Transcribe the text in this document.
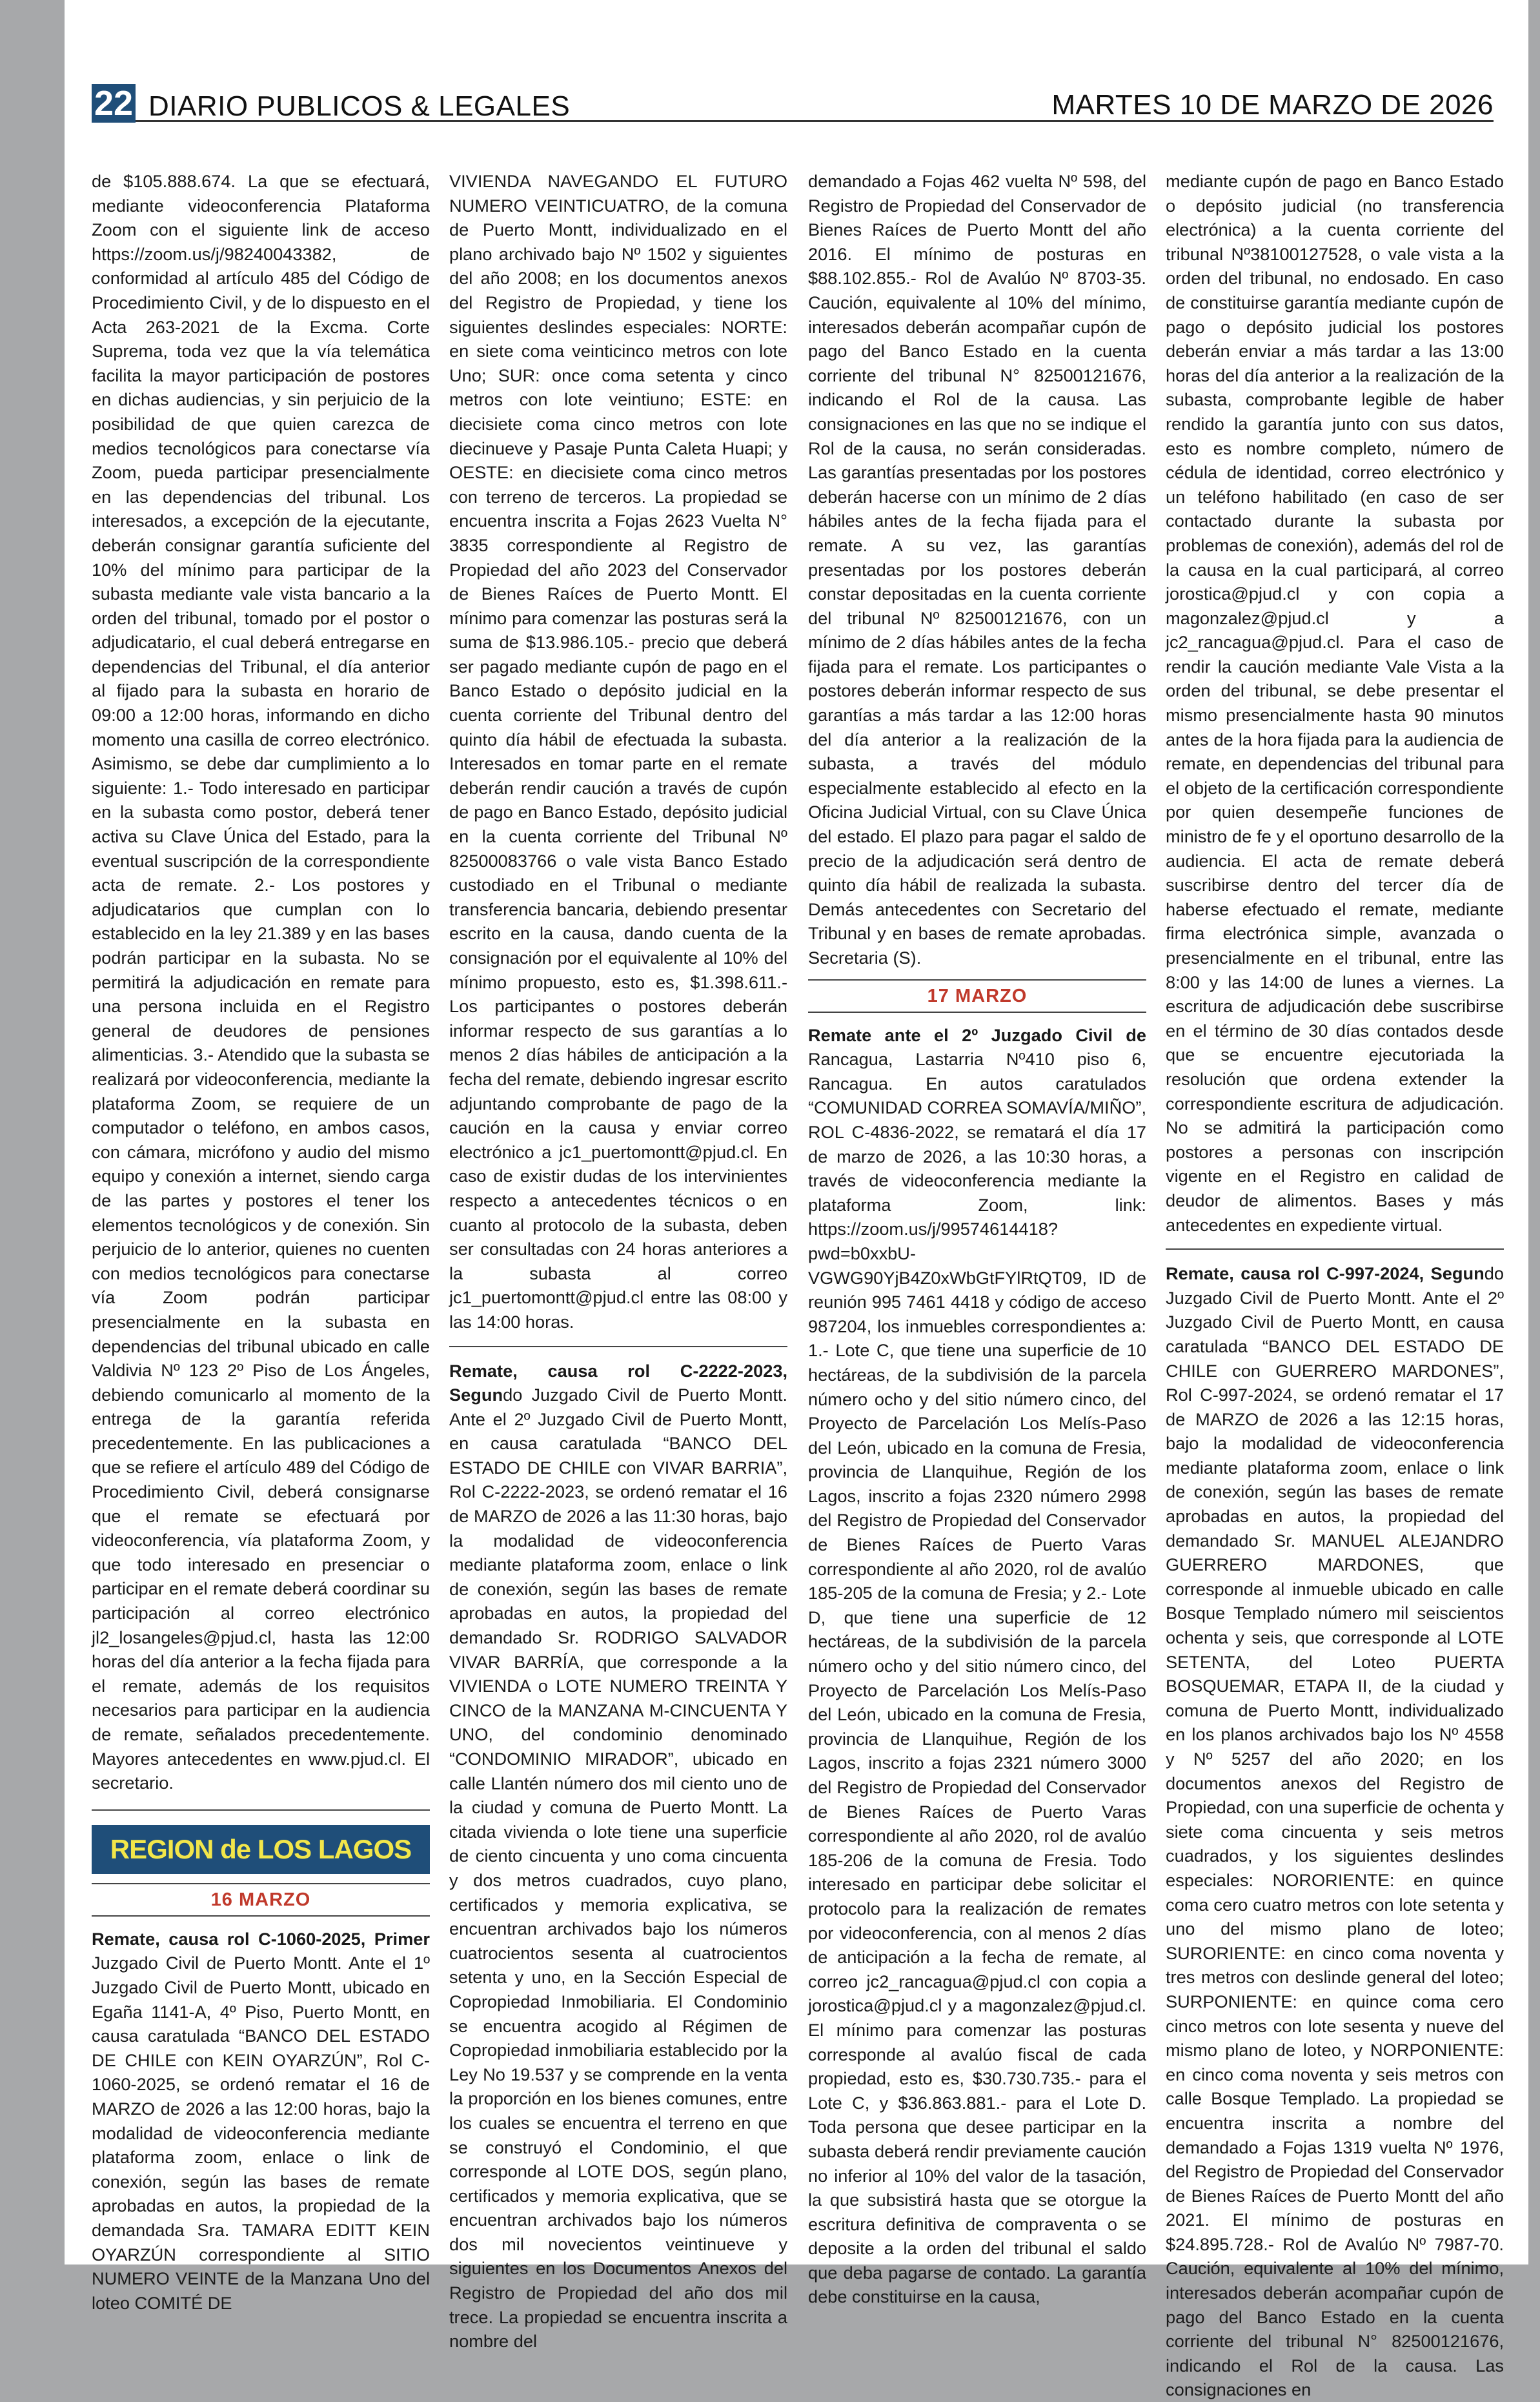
22 DIARIO PUBLICOS & LEGALES	MARTES 10 DE MARZO DE 2026

de $105.888.674. La que se efectuará, mediante videoconferencia Plataforma Zoom con el siguiente link de acceso https://zoom.us/j/98240043382, de conformidad al artículo 485 del Código de Procedimiento Civil, y de lo dispuesto en el Acta 263-2021 de la Excma. Corte Suprema, toda vez que la vía telemática facilita la mayor participación de postores en dichas audiencias, y sin perjuicio de la posibilidad de que quien carezca de medios tecnológicos para conectarse vía Zoom, pueda participar presencialmente en las dependencias del tribunal. Los interesados, a excepción de la ejecutante, deberán consignar garantía suficiente del 10% del mínimo para participar de la subasta mediante vale vista bancario a la orden del tribunal, tomado por el postor o adjudicatario, el cual deberá entregarse en dependencias del Tribunal, el día anterior al fijado para la subasta en horario de 09:00 a 12:00 horas, informando en dicho momento una casilla de correo electrónico. Asimismo, se debe dar cumplimiento a lo siguiente: 1.- Todo interesado en participar en la subasta como postor, deberá tener activa su Clave Única del Estado, para la eventual suscripción de la correspondiente acta de remate. 2.- Los postores y adjudicatarios que cumplan con lo establecido en la ley 21.389 y en las bases podrán participar en la subasta. No se permitirá la adjudicación en remate para una persona incluida en el Registro general de deudores de pensiones alimenticias. 3.- Atendido que la subasta se realizará por videoconferencia, mediante la plataforma Zoom, se requiere de un computador o teléfono, en ambos casos, con cámara, micrófono y audio del mismo equipo y conexión a internet, siendo carga de las partes y postores el tener los elementos tecnológicos y de conexión. Sin perjuicio de lo anterior, quienes no cuenten con medios tecnológicos para conectarse vía Zoom podrán participar presencialmente en la subasta en dependencias del tribunal ubicado en calle Valdivia Nº 123 2º Piso de Los Ángeles, debiendo comunicarlo al momento de la entrega de la garantía referida precedentemente. En las publicaciones a que se refiere el artículo 489 del Código de Procedimiento Civil, deberá consignarse que el remate se efectuará por videoconferencia, vía plataforma Zoom, y que todo interesado en presenciar o participar en el remate deberá coordinar su participación al correo electrónico jl2_losangeles@pjud.cl, hasta las 12:00 horas del día anterior a la fecha fijada para el remate, además de los requisitos necesarios para participar en la audiencia de remate, señalados precedentemente. Mayores antecedentes en www.pjud.cl. El secretario.

REGION de LOS LAGOS
16 MARZO

Remate, causa rol C-1060-2025, Primer Juzgado Civil de Puerto Montt. Ante el 1º Juzgado Civil de Puerto Montt, ubicado en Egaña 1141-A, 4º Piso, Puerto Montt, en causa caratulada “BANCO DEL ESTADO DE CHILE con KEIN OYARZÚN”, Rol C-1060-2025, se ordenó rematar el 16 de MARZO de 2026 a las 12:00 horas, bajo la modalidad de videoconferencia mediante plataforma zoom, enlace o link de conexión, según las bases de remate aprobadas en autos, la propiedad de la demandada Sra. TAMARA EDITT KEIN OYARZÚN correspondiente al SITIO NUMERO VEINTE de la Manzana Uno del loteo COMITÉ DE

VIVIENDA NAVEGANDO EL FUTURO NUMERO VEINTICUATRO, de la comuna de Puerto Montt, individualizado en el plano archivado bajo Nº 1502 y siguientes del año 2008; en los documentos anexos del Registro de Propiedad, y tiene los siguientes deslindes especiales: NORTE: en siete coma veinticinco metros con lote Uno; SUR: once coma setenta y cinco metros con lote veintiuno; ESTE: en diecisiete coma cinco metros con lote diecinueve y Pasaje Punta Caleta Huapi; y OESTE: en diecisiete coma cinco metros con terreno de terceros. La propiedad se encuentra inscrita a Fojas 2623 Vuelta N° 3835 correspondiente al Registro de Propiedad del año 2023 del Conservador de Bienes Raíces de Puerto Montt. El mínimo para comenzar las posturas será la suma de $13.986.105.- precio que deberá ser pagado mediante cupón de pago en el Banco Estado o depósito judicial en la cuenta corriente del Tribunal dentro del quinto día hábil de efectuada la subasta. Interesados en tomar parte en el remate deberán rendir caución a través de cupón de pago en Banco Estado, depósito judicial en la cuenta corriente del Tribunal Nº 82500083766 o vale vista Banco Estado custodiado en el Tribunal o mediante transferencia bancaria, debiendo presentar escrito en la causa, dando cuenta de la consignación por el equivalente al 10% del mínimo propuesto, esto es, $1.398.611.- Los participantes o postores deberán informar respecto de sus garantías a lo menos 2 días hábiles de anticipación a la fecha del remate, debiendo ingresar escrito adjuntando comprobante de pago de la caución en la causa y enviar correo electrónico a jc1_puertomontt@pjud.cl. En caso de existir dudas de los intervinientes respecto a antecedentes técnicos o en cuanto al protocolo de la subasta, deben ser consultadas con 24 horas anteriores a la subasta al correo jc1_puertomontt@pjud.cl entre las 08:00 y las 14:00 horas.

Remate, causa rol C-2222-2023, Segundo Juzgado Civil de Puerto Montt. Ante el 2º Juzgado Civil de Puerto Montt, en causa caratulada “BANCO DEL ESTADO DE CHILE con VIVAR BARRIA”, Rol C-2222-2023, se ordenó rematar el 16 de MARZO de 2026 a las 11:30 horas, bajo la modalidad de videoconferencia mediante plataforma zoom, enlace o link de conexión, según las bases de remate aprobadas en autos, la propiedad del demandado Sr. RODRIGO SALVADOR VIVAR BARRÍA, que corresponde a la VIVIENDA o LOTE NUMERO TREINTA Y CINCO de la MANZANA M-CINCUENTA Y UNO, del condominio denominado “CONDOMINIO MIRADOR”, ubicado en calle Llantén número dos mil ciento uno de la ciudad y comuna de Puerto Montt. La citada vivienda o lote tiene una superficie de ciento cincuenta y uno coma cincuenta y dos metros cuadrados, cuyo plano, certificados y memoria explicativa, se encuentran archivados bajo los números cuatrocientos sesenta al cuatrocientos setenta y uno, en la Sección Especial de Copropiedad Inmobiliaria. El Condominio se encuentra acogido al Régimen de Copropiedad inmobiliaria establecido por la Ley No 19.537 y se comprende en la venta la proporción en los bienes comunes, entre los cuales se encuentra el terreno en que se construyó el Condominio, el que corresponde al LOTE DOS, según plano, certificados y memoria explicativa, que se encuentran archivados bajo los números dos mil novecientos veintinueve y siguientes en los Documentos Anexos del Registro de Propiedad del año dos mil trece. La propiedad se encuentra inscrita a nombre del

demandado a Fojas 462 vuelta Nº 598, del Registro de Propiedad del Conservador de Bienes Raíces de Puerto Montt del año 2016. El mínimo de posturas en $88.102.855.- Rol de Avalúo Nº 8703-35. Caución, equivalente al 10% del mínimo, interesados deberán acompañar cupón de pago del Banco Estado en la cuenta corriente del tribunal N° 82500121676, indicando el Rol de la causa. Las consignaciones en las que no se indique el Rol de la causa, no serán consideradas. Las garantías presentadas por los postores deberán hacerse con un mínimo de 2 días hábiles antes de la fecha fijada para el remate. A su vez, las garantías presentadas por los postores deberán constar depositadas en la cuenta corriente del tribunal Nº 82500121676, con un mínimo de 2 días hábiles antes de la fecha fijada para el remate. Los participantes o postores deberán informar respecto de sus garantías a más tardar a las 12:00 horas del día anterior a la realización de la subasta, a través del módulo especialmente establecido al efecto en la Oficina Judicial Virtual, con su Clave Única del estado. El plazo para pagar el saldo de precio de la adjudicación será dentro de quinto día hábil de realizada la subasta. Demás antecedentes con Secretario del Tribunal y en bases de remate aprobadas. Secretaria (S).

17 MARZO

Remate ante el 2º Juzgado Civil de Rancagua, Lastarria Nº410 piso 6, Rancagua. En autos caratulados “COMUNIDAD CORREA SOMAVÍA/MIÑO”, ROL C-4836-2022, se rematará el día 17 de marzo de 2026, a las 10:30 horas, a través de videoconferencia mediante la plataforma Zoom, link: https://zoom.us/j/99574614418?pwd=b0xxbU-VGWG90YjB4Z0xWbGtFYlRtQT09, ID de reunión 995 7461 4418 y código de acceso 987204, los inmuebles correspondientes a: 1.- Lote C, que tiene una superficie de 10 hectáreas, de la subdivisión de la parcela número ocho y del sitio número cinco, del Proyecto de Parcelación Los Melís-Paso del León, ubicado en la comuna de Fresia, provincia de Llanquihue, Región de los Lagos, inscrito a fojas 2320 número 2998 del Registro de Propiedad del Conservador de Bienes Raíces de Puerto Varas correspondiente al año 2020, rol de avalúo 185-205 de la comuna de Fresia; y 2.- Lote D, que tiene una superficie de 12 hectáreas, de la subdivisión de la parcela número ocho y del sitio número cinco, del Proyecto de Parcelación Los Melís-Paso del León, ubicado en la comuna de Fresia, provincia de Llanquihue, Región de los Lagos, inscrito a fojas 2321 número 3000 del Registro de Propiedad del Conservador de Bienes Raíces de Puerto Varas correspondiente al año 2020, rol de avalúo 185-206 de la comuna de Fresia. Todo interesado en participar debe solicitar el protocolo para la realización de remates por videoconferencia, con al menos 2 días de anticipación a la fecha de remate, al correo jc2_rancagua@pjud.cl con copia a jorostica@pjud.cl y a magonzalez@pjud.cl. El mínimo para comenzar las posturas corresponde al avalúo fiscal de cada propiedad, esto es, $30.730.735.- para el Lote C, y $36.863.881.- para el Lote D. Toda persona que desee participar en la subasta deberá rendir previamente caución no inferior al 10% del valor de la tasación, la que subsistirá hasta que se otorgue la escritura definitiva de compraventa o se deposite a la orden del tribunal el saldo que deba pagarse de contado. La garantía debe constituirse en la causa,

mediante cupón de pago en Banco Estado o depósito judicial (no transferencia electrónica) a la cuenta corriente del tribunal Nº38100127528, o vale vista a la orden del tribunal, no endosado. En caso de constituirse garantía mediante cupón de pago o depósito judicial los postores deberán enviar a más tardar a las 13:00 horas del día anterior a la realización de la subasta, comprobante legible de haber rendido la garantía junto con sus datos, esto es nombre completo, número de cédula de identidad, correo electrónico y un teléfono habilitado (en caso de ser contactado durante la subasta por problemas de conexión), además del rol de la causa en la cual participará, al correo jorostica@pjud.cl y con copia a magonzalez@pjud.cl y a jc2_rancagua@pjud.cl. Para el caso de rendir la caución mediante Vale Vista a la orden del tribunal, se debe presentar el mismo presencialmente hasta 90 minutos antes de la hora fijada para la audiencia de remate, en dependencias del tribunal para el objeto de la certificación correspondiente por quien desempeñe funciones de ministro de fe y el oportuno desarrollo de la audiencia. El acta de remate deberá suscribirse dentro del tercer día de haberse efectuado el remate, mediante firma electrónica simple, avanzada o presencialmente en el tribunal, entre las 8:00 y las 14:00 de lunes a viernes. La escritura de adjudicación debe suscribirse en el término de 30 días contados desde que se encuentre ejecutoriada la resolución que ordena extender la correspondiente escritura de adjudicación. No se admitirá la participación como postores a personas con inscripción vigente en el Registro en calidad de deudor de alimentos. Bases y más antecedentes en expediente virtual.

Remate, causa rol C-997-2024, Segundo Juzgado Civil de Puerto Montt. Ante el 2º Juzgado Civil de Puerto Montt, en causa caratulada “BANCO DEL ESTADO DE CHILE con GUERRERO MARDONES”, Rol C-997-2024, se ordenó rematar el 17 de MARZO de 2026 a las 12:15 horas, bajo la modalidad de videoconferencia mediante plataforma zoom, enlace o link de conexión, según las bases de remate aprobadas en autos, la propiedad del demandado Sr. MANUEL ALEJANDRO GUERRERO MARDONES, que corresponde al inmueble ubicado en calle Bosque Templado número mil seiscientos ochenta y seis, que corresponde al LOTE SETENTA, del Loteo PUERTA BOSQUEMAR, ETAPA II, de la ciudad y comuna de Puerto Montt, individualizado en los planos archivados bajo los Nº 4558 y Nº 5257 del año 2020; en los documentos anexos del Registro de Propiedad, con una superficie de ochenta y siete coma cincuenta y seis metros cuadrados, y los siguientes deslindes especiales: NORORIENTE: en quince coma cero cuatro metros con lote setenta y uno del mismo plano de loteo; SURORIENTE: en cinco coma noventa y tres metros con deslinde general del loteo; SURPONIENTE: en quince coma cero cinco metros con lote sesenta y nueve del mismo plano de loteo, y NORPONIENTE: en cinco coma noventa y seis metros con calle Bosque Templado. La propiedad se encuentra inscrita a nombre del demandado a Fojas 1319 vuelta Nº 1976, del Registro de Propiedad del Conservador de Bienes Raíces de Puerto Montt del año 2021. El mínimo de posturas en $24.895.728.- Rol de Avalúo Nº 7987-70. Caución, equivalente al 10% del mínimo, interesados deberán acompañar cupón de pago del Banco Estado en la cuenta corriente del tribunal N° 82500121676, indicando el Rol de la causa. Las consignaciones en
